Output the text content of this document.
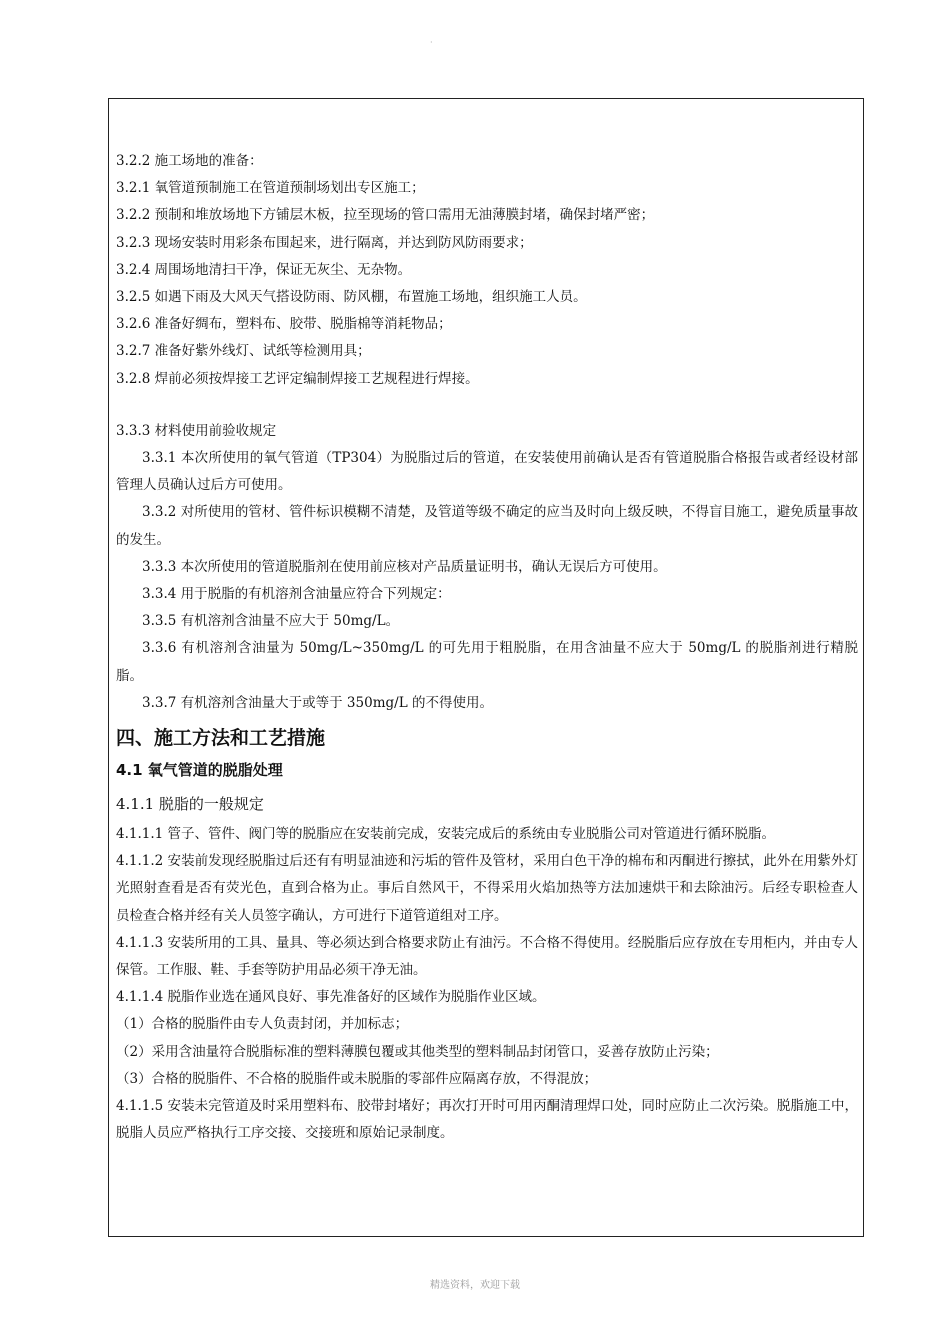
·
3.2.2 施工场地的准备：
3.2.1 氧管道预制施工在管道预制场划出专区施工；
3.2.2 预制和堆放场地下方铺层木板，拉至现场的管口需用无油薄膜封堵，确保封堵严密；
3.2.3 现场安装时用彩条布围起来，进行隔离，并达到防风防雨要求；
3.2.4 周围场地清扫干净，保证无灰尘、无杂物。
3.2.5 如遇下雨及大风天气搭设防雨、防风棚，布置施工场地，组织施工人员。
3.2.6 准备好绸布，塑料布、胶带、脱脂棉等消耗物品；
3.2.7 准备好紫外线灯、试纸等检测用具；
3.2.8 焊前必须按焊接工艺评定编制焊接工艺规程进行焊接。
3.3.3 材料使用前验收规定
3.3.1 本次所使用的氧气管道（TP304）为脱脂过后的管道，在安装使用前确认是否有管道脱脂合格报告或者经设材部管理人员确认过后方可使用。
3.3.2 对所使用的管材、管件标识模糊不清楚，及管道等级不确定的应当及时向上级反映，不得盲目施工，避免质量事故的发生。
3.3.3 本次所使用的管道脱脂剂在使用前应核对产品质量证明书，确认无误后方可使用。
3.3.4 用于脱脂的有机溶剂含油量应符合下列规定：
3.3.5 有机溶剂含油量不应大于 50mg/L。
3.3.6 有机溶剂含油量为 50mg/L~350mg/L 的可先用于粗脱脂，在用含油量不应大于 50mg/L 的脱脂剂进行精脱脂。
3.3.7 有机溶剂含油量大于或等于 350mg/L 的不得使用。
四、施工方法和工艺措施
4.1 氧气管道的脱脂处理
4.1.1 脱脂的一般规定
4.1.1.1 管子、管件、阀门等的脱脂应在安装前完成，安装完成后的系统由专业脱脂公司对管道进行循环脱脂。
4.1.1.2 安装前发现经脱脂过后还有有明显油迹和污垢的管件及管材，采用白色干净的棉布和丙酮进行擦拭，此外在用紫外灯光照射查看是否有荧光色，直到合格为止。事后自然风干，不得采用火焰加热等方法加速烘干和去除油污。后经专职检查人员检查合格并经有关人员签字确认，方可进行下道管道组对工序。
4.1.1.3 安装所用的工具、量具、等必须达到合格要求防止有油污。不合格不得使用。经脱脂后应存放在专用柜内，并由专人保管。工作服、鞋、手套等防护用品必须干净无油。
4.1.1.4 脱脂作业选在通风良好、事先准备好的区域作为脱脂作业区域。
（1）合格的脱脂件由专人负责封闭，并加标志；
（2）采用含油量符合脱脂标准的塑料薄膜包覆或其他类型的塑料制品封闭管口，妥善存放防止污染；
（3）合格的脱脂件、不合格的脱脂件或未脱脂的零部件应隔离存放，不得混放；
4.1.1.5 安装未完管道及时采用塑料布、胶带封堵好；再次打开时可用丙酮清理焊口处，同时应防止二次污染。脱脂施工中，脱脂人员应严格执行工序交接、交接班和原始记录制度。
精选资料，欢迎下载
